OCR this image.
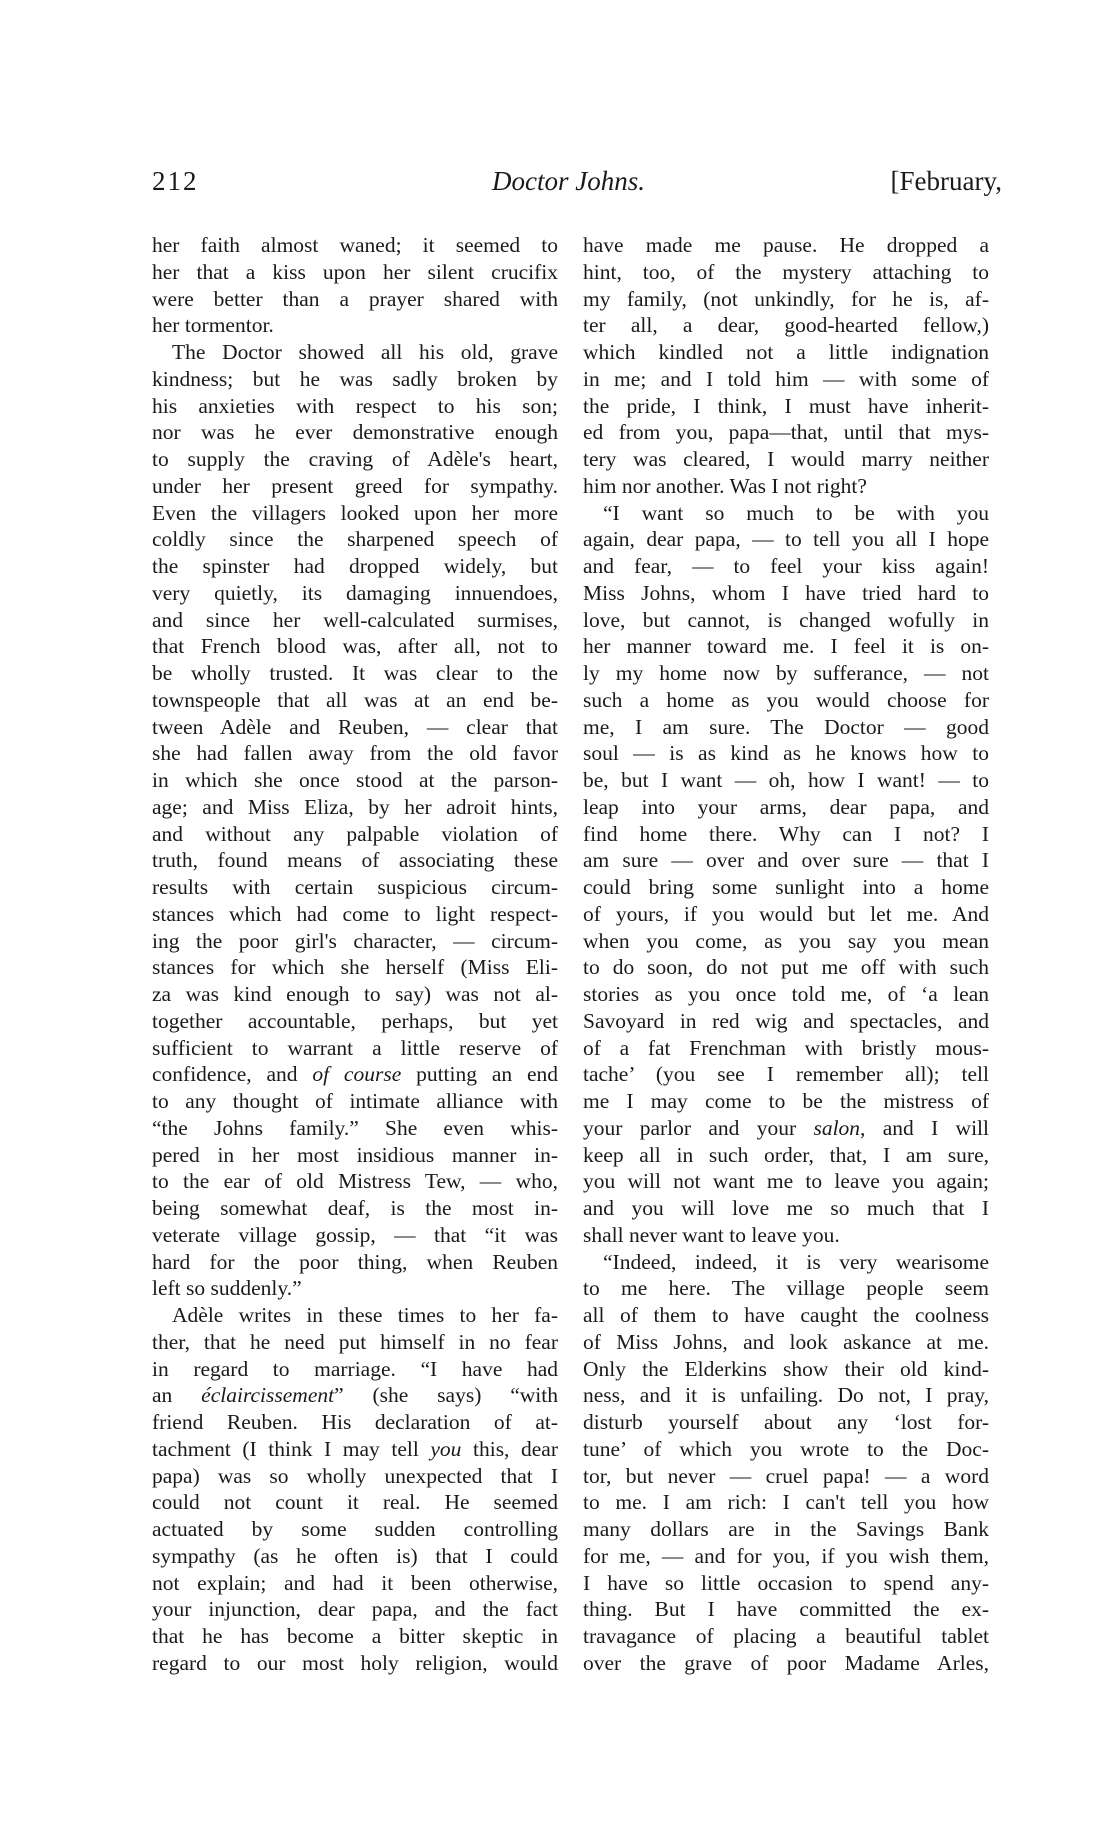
212	Doctor Johns.	[February,
her faith almost waned; it seemed to
her that a kiss upon her silent crucifix
were better than a prayer shared with
her tormentor.
The Doctor showed all his old, grave
kindness; but he was sadly broken by
his anxieties with respect to his son;
nor was he ever demonstrative enough
to supply the craving of Adèle's heart,
under her present greed for sympathy.
Even the villagers looked upon her more
coldly since the sharpened speech of
the spinster had dropped widely, but
very quietly, its damaging innuendoes,
and since her well-calculated surmises,
that French blood was, after all, not to
be wholly trusted. It was clear to the
townspeople that all was at an end be-
tween Adèle and Reuben, — clear that
she had fallen away from the old favor
in which she once stood at the parson-
age; and Miss Eliza, by her adroit hints,
and without any palpable violation of
truth, found means of associating these
results with certain suspicious circum-
stances which had come to light respect-
ing the poor girl's character, — circum-
stances for which she herself (Miss Eli-
za was kind enough to say) was not al-
together accountable, perhaps, but yet
sufficient to warrant a little reserve of
confidence, and of course putting an end
to any thought of intimate alliance with
“the Johns family.” She even whis-
pered in her most insidious manner in-
to the ear of old Mistress Tew, — who,
being somewhat deaf, is the most in-
veterate village gossip, — that “it was
hard for the poor thing, when Reuben
left so suddenly.”
Adèle writes in these times to her fa-
ther, that he need put himself in no fear
in regard to marriage. “I have had
an éclaircissement” (she says) “with
friend Reuben. His declaration of at-
tachment (I think I may tell you this, dear
papa) was so wholly unexpected that I
could not count it real. He seemed
actuated by some sudden controlling
sympathy (as he often is) that I could
not explain; and had it been otherwise,
your injunction, dear papa, and the fact
that he has become a bitter skeptic in
regard to our most holy religion, would
have made me pause. He dropped a
hint, too, of the mystery attaching to
my family, (not unkindly, for he is, af-
ter all, a dear, good-hearted fellow,)
which kindled not a little indignation
in me; and I told him — with some of
the pride, I think, I must have inherit-
ed from you, papa—that, until that mys-
tery was cleared, I would marry neither
him nor another. Was I not right?
“I want so much to be with you
again, dear papa, — to tell you all I hope
and fear, — to feel your kiss again!
Miss Johns, whom I have tried hard to
love, but cannot, is changed wofully in
her manner toward me. I feel it is on-
ly my home now by sufferance, — not
such a home as you would choose for
me, I am sure. The Doctor — good
soul — is as kind as he knows how to
be, but I want — oh, how I want! — to
leap into your arms, dear papa, and
find home there. Why can I not? I
am sure — over and over sure — that I
could bring some sunlight into a home
of yours, if you would but let me. And
when you come, as you say you mean
to do soon, do not put me off with such
stories as you once told me, of ‘a lean
Savoyard in red wig and spectacles, and
of a fat Frenchman with bristly mous-
tache’ (you see I remember all); tell
me I may come to be the mistress of
your parlor and your salon, and I will
keep all in such order, that, I am sure,
you will not want me to leave you again;
and you will love me so much that I
shall never want to leave you.
“Indeed, indeed, it is very wearisome
to me here. The village people seem
all of them to have caught the coolness
of Miss Johns, and look askance at me.
Only the Elderkins show their old kind-
ness, and it is unfailing. Do not, I pray,
disturb yourself about any ‘lost for-
tune’ of which you wrote to the Doc-
tor, but never — cruel papa! — a word
to me. I am rich: I can't tell you how
many dollars are in the Savings Bank
for me, — and for you, if you wish them,
I have so little occasion to spend any-
thing. But I have committed the ex-
travagance of placing a beautiful tablet
over the grave of poor Madame Arles,
